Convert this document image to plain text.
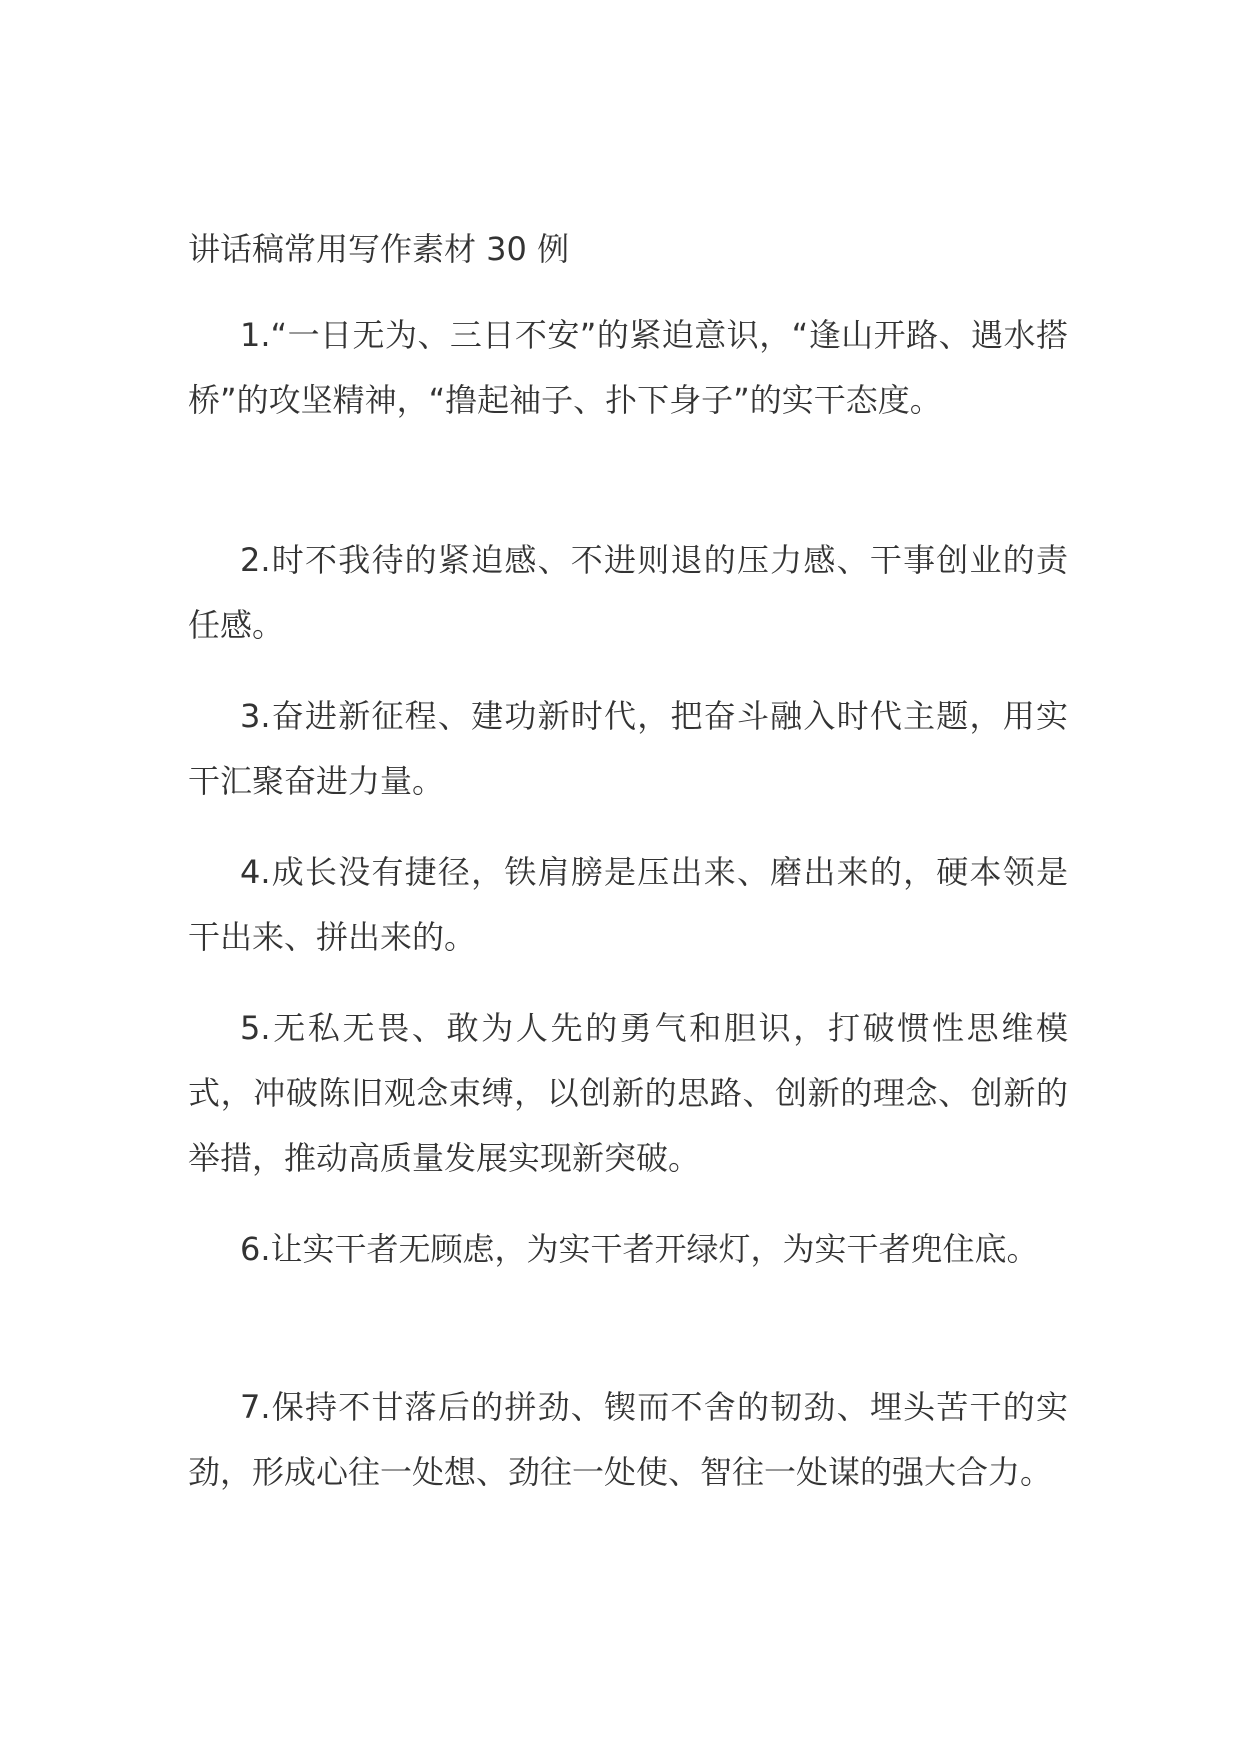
讲话稿常用写作素材 30 例

1.“一日无为、三日不安”的紧迫意识，“逢山开路、遇水搭桥”的攻坚精神，“撸起袖子、扑下身子”的实干态度。

2.时不我待的紧迫感、不进则退的压力感、干事创业的责任感。

3.奋进新征程、建功新时代，把奋斗融入时代主题，用实干汇聚奋进力量。

4.成长没有捷径，铁肩膀是压出来、磨出来的，硬本领是干出来、拼出来的。

5.无私无畏、敢为人先的勇气和胆识，打破惯性思维模式，冲破陈旧观念束缚，以创新的思路、创新的理念、创新的举措，推动高质量发展实现新突破。

6.让实干者无顾虑，为实干者开绿灯，为实干者兜住底。

7.保持不甘落后的拼劲、锲而不舍的韧劲、埋头苦干的实劲，形成心往一处想、劲往一处使、智往一处谋的强大合力。
